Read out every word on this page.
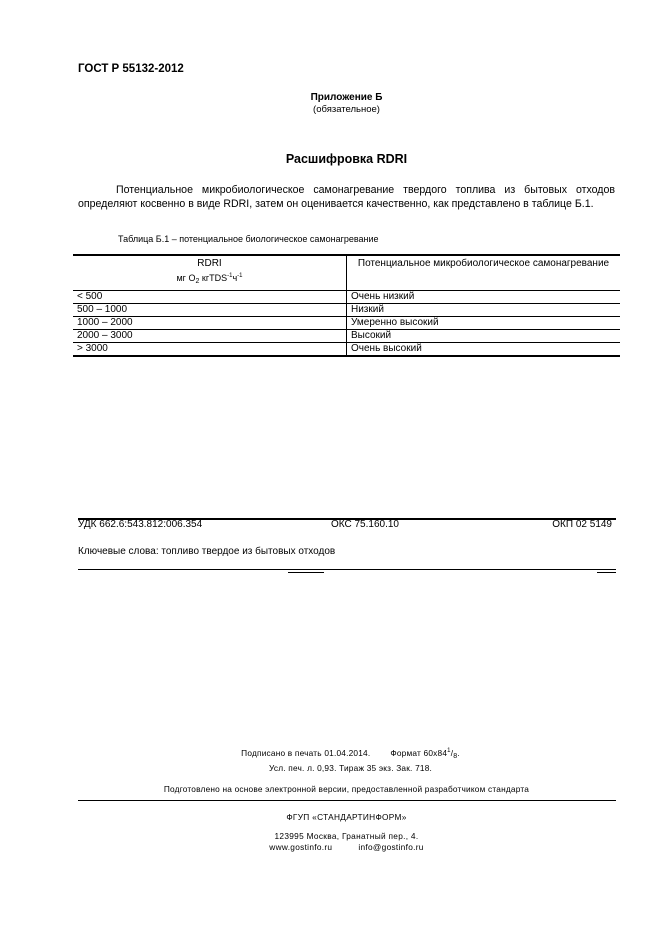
ГОСТ Р 55132-2012
Приложение Б
(обязательное)
Расшифровка RDRI
Потенциальное микробиологическое самонагревание твердого топлива из бытовых отходов определяют косвенно в виде RDRI, затем он оценивается качественно, как представлено в таблице Б.1.
Таблица Б.1 – потенциальное биологическое самонагревание
RDRI
мг $O_2$ $кгTDS^{-1}ч^{-1}$	Потенциальное микробиологическое самонагревание
< 500	Очень низкий
500 – 1000	Низкий
1000 – 2000	Умеренно высокий
2000 – 3000	Высокий
> 3000	Очень высокий
УДК 662.6:543.812:006.354	ОКС 75.160.10	ОКП 02 5149
Ключевые слова: топливо твердое из бытовых отходов
Подписано в печать 01.04.2014. Формат $60х84^1/_8$.
Усл. печ. л. 0,93. Тираж 35 экз. Зак. 718.
Подготовлено на основе электронной версии, предоставленной разработчиком стандарта
ФГУП «СТАНДАРТИНФОРМ»
123995 Москва, Гранатный пер., 4.
www.gostinfo.ru	info@gostinfo.ru
